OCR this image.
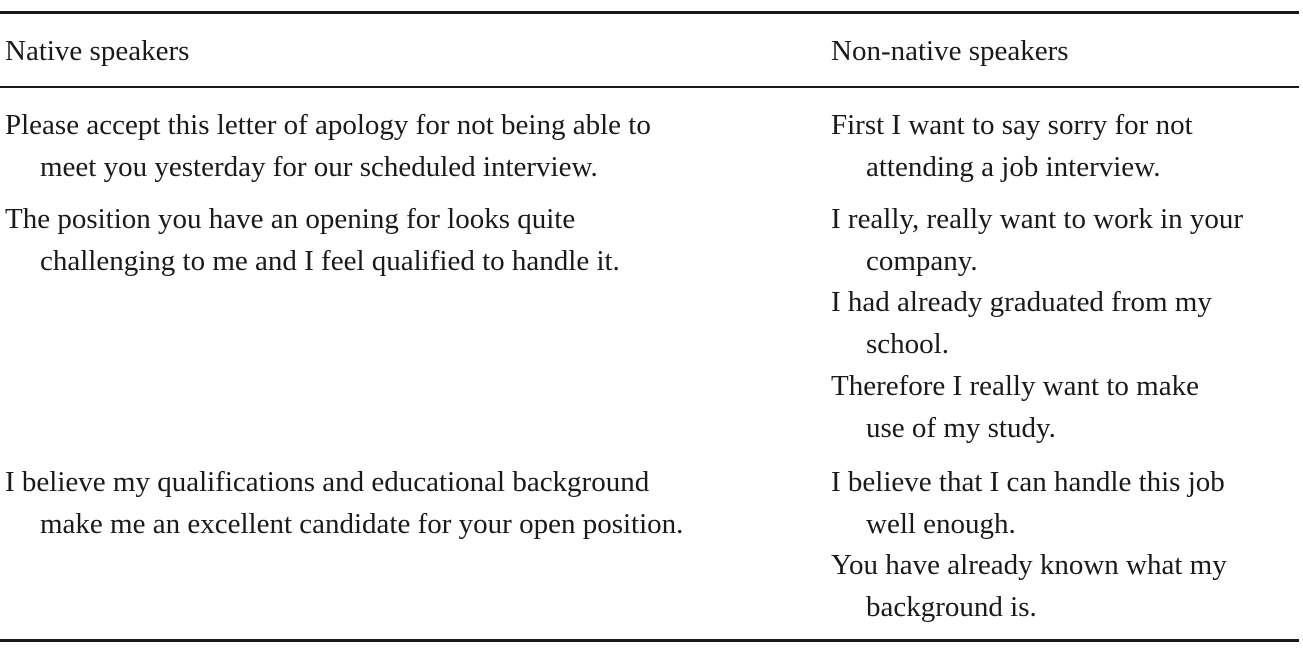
Native speakers	Non-native speakers
Please accept this letter of apology for not being able to
meet you yesterday for our scheduled interview.
First I want to say sorry for not
attending a job interview.
The position you have an opening for looks quite
challenging to me and I feel qualified to handle it.
I really, really want to work in your
company.
I had already graduated from my
school.
Therefore I really want to make
use of my study.
I believe my qualifications and educational background
make me an excellent candidate for your open position.
I believe that I can handle this job
well enough.
You have already known what my
background is.
